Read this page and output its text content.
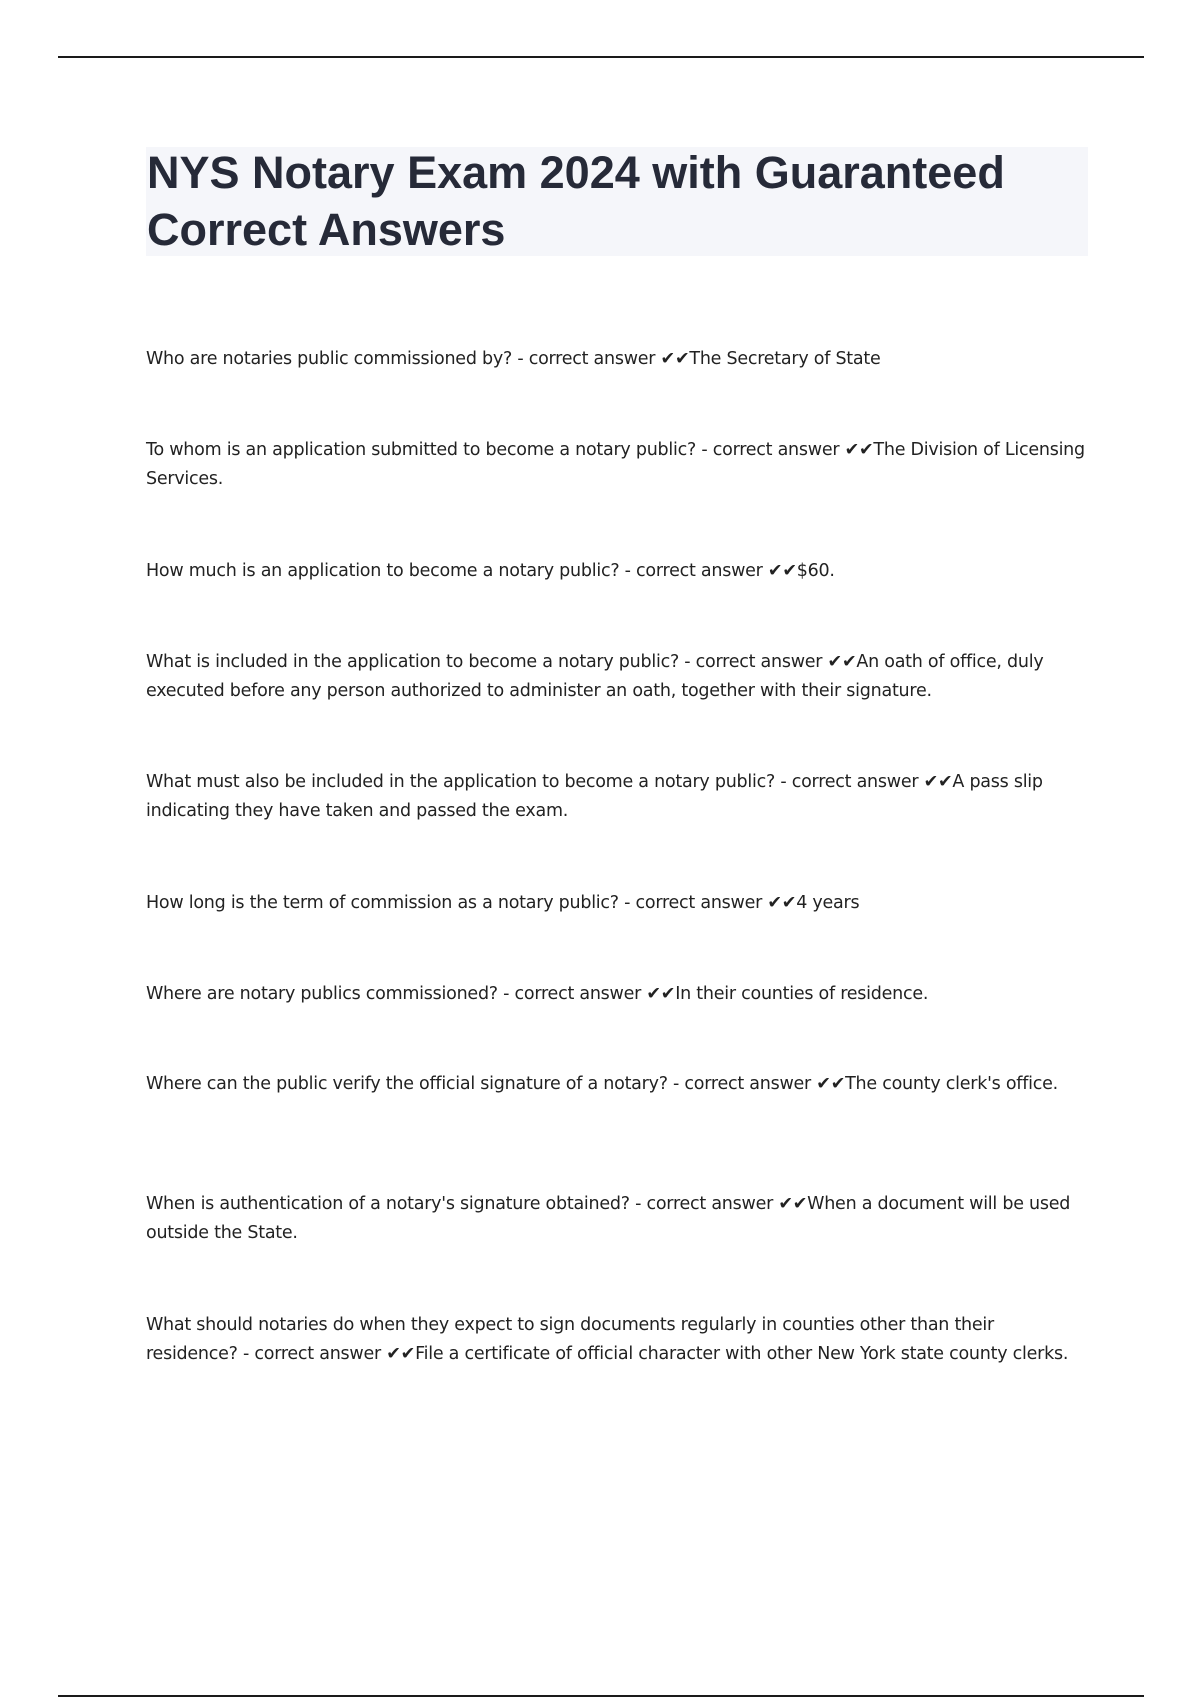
NYS Notary Exam 2024 with Guaranteed Correct Answers

Who are notaries public commissioned by? - correct answer ✔✔The Secretary of State

To whom is an application submitted to become a notary public? - correct answer ✔✔The Division of Licensing Services.

How much is an application to become a notary public? - correct answer ✔✔$60.

What is included in the application to become a notary public? - correct answer ✔✔An oath of office, duly executed before any person authorized to administer an oath, together with their signature.

What must also be included in the application to become a notary public? - correct answer ✔✔A pass slip indicating they have taken and passed the exam.

How long is the term of commission as a notary public? - correct answer ✔✔4 years

Where are notary publics commissioned? - correct answer ✔✔In their counties of residence.

Where can the public verify the official signature of a notary? - correct answer ✔✔The county clerk's office.

When is authentication of a notary's signature obtained? - correct answer ✔✔When a document will be used outside the State.

What should notaries do when they expect to sign documents regularly in counties other than their residence? - correct answer ✔✔File a certificate of official character with other New York state county clerks.
